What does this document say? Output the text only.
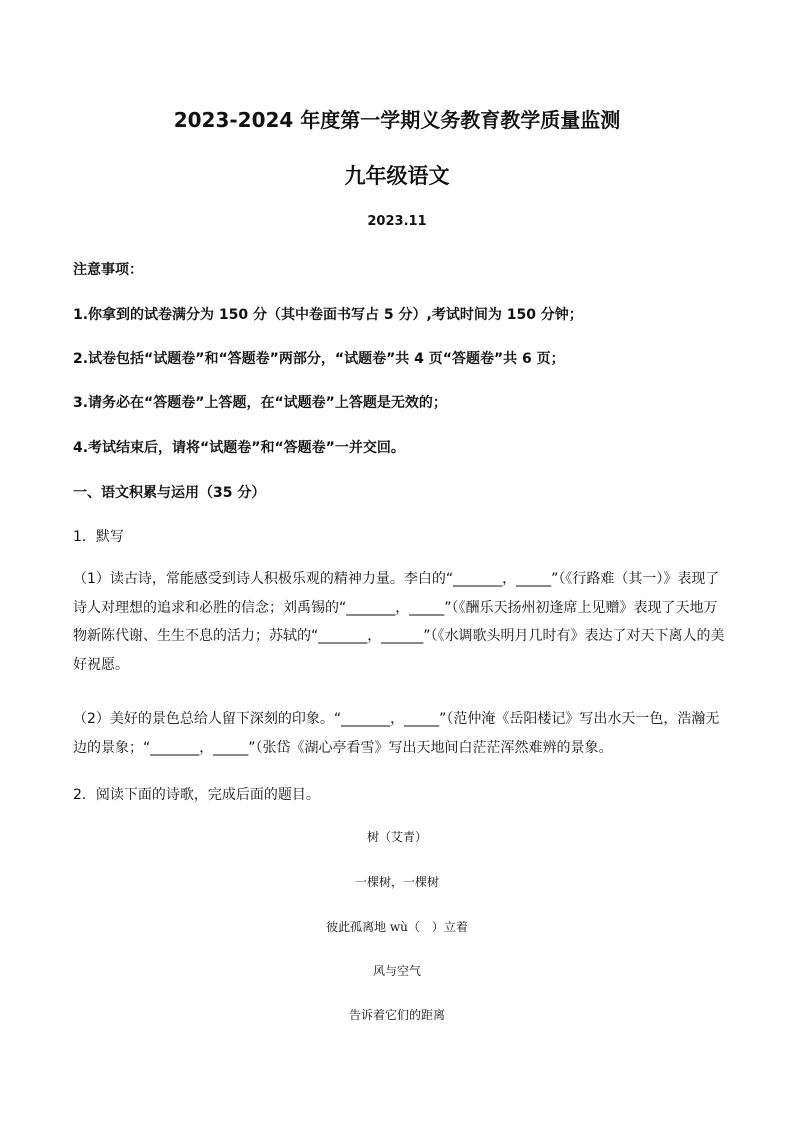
2023-2024 年度第一学期义务教育教学质量监测
九年级语文
2023.11
注意事项：
1.你拿到的试卷满分为 150 分（其中卷面书写占 5 分）,考试时间为 150 分钟；
2.试卷包括“试题卷”和“答题卷”两部分，“试题卷”共 4 页“答题卷”共 6 页；
3.请务必在“答题卷”上答题，在“试题卷”上答题是无效的；
4.考试结束后，请将“试题卷”和“答题卷”一并交回。
一、语文积累与运用（35 分）
1．默写
（1）读古诗，常能感受到诗人积极乐观的精神力量。李白的“_______，_____”（《行路难（其一）》表现了诗人对理想的追求和必胜的信念；刘禹锡的“_______，_____”（《酬乐天扬州初逢席上见赠》表现了天地万物新陈代谢、生生不息的活力；苏轼的“_______，______”（《水调歌头明月几时有》表达了对天下离人的美好祝愿。
（2）美好的景色总给人留下深刻的印象。“_______，_____”（范仲淹《岳阳楼记》写出水天一色，浩瀚无边的景象；“_______，_____”（张岱《湖心亭看雪》写出天地间白茫茫浑然难辨的景象。
2．阅读下面的诗歌，完成后面的题目。
树（艾青）
一棵树，一棵树
彼此孤离地 wù（　）立着
风与空气
告诉着它们的距离
